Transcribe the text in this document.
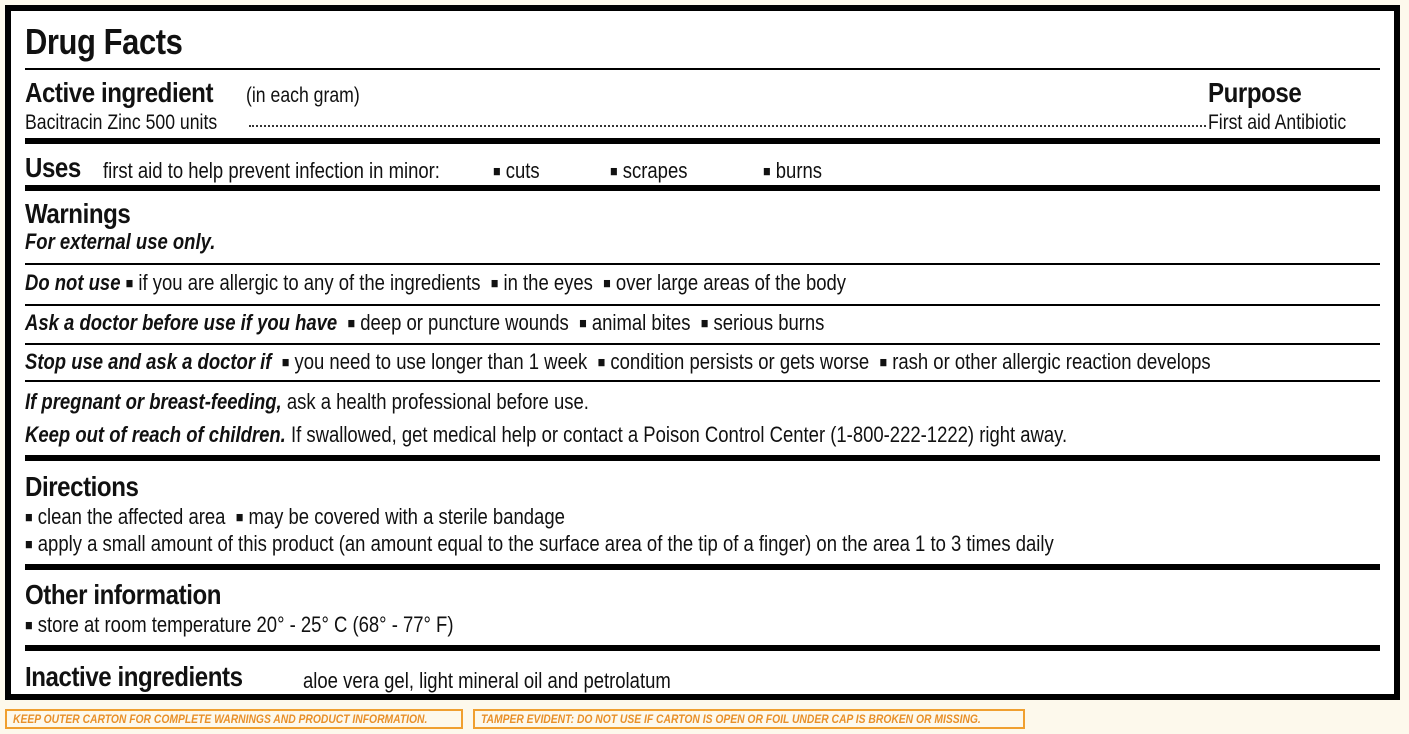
Drug Facts
Active ingredient (in each gram)	Purpose
Bacitracin Zinc 500 units	First aid Antibiotic
Uses first aid to help prevent infection in minor:	■ cuts	■ scrapes	■ burns
Warnings
For external use only.
Do not use ■ if you are allergic to any of the ingredients ■ in the eyes ■ over large areas of the body
Ask a doctor before use if you have ■ deep or puncture wounds ■ animal bites ■ serious burns
Stop use and ask a doctor if ■ you need to use longer than 1 week ■ condition persists or gets worse ■ rash or other allergic reaction develops
If pregnant or breast-feeding, ask a health professional before use.
Keep out of reach of children. If swallowed, get medical help or contact a Poison Control Center (1-800-222-1222) right away.
Directions
■ clean the affected area ■ may be covered with a sterile bandage
■ apply a small amount of this product (an amount equal to the surface area of the tip of a finger) on the area 1 to 3 times daily
Other information
■ store at room temperature 20° - 25° C (68° - 77° F)
Inactive ingredients	aloe vera gel, light mineral oil and petrolatum
KEEP OUTER CARTON FOR COMPLETE WARNINGS AND PRODUCT INFORMATION.	TAMPER EVIDENT: DO NOT USE IF CARTON IS OPEN OR FOIL UNDER CAP IS BROKEN OR MISSING.
